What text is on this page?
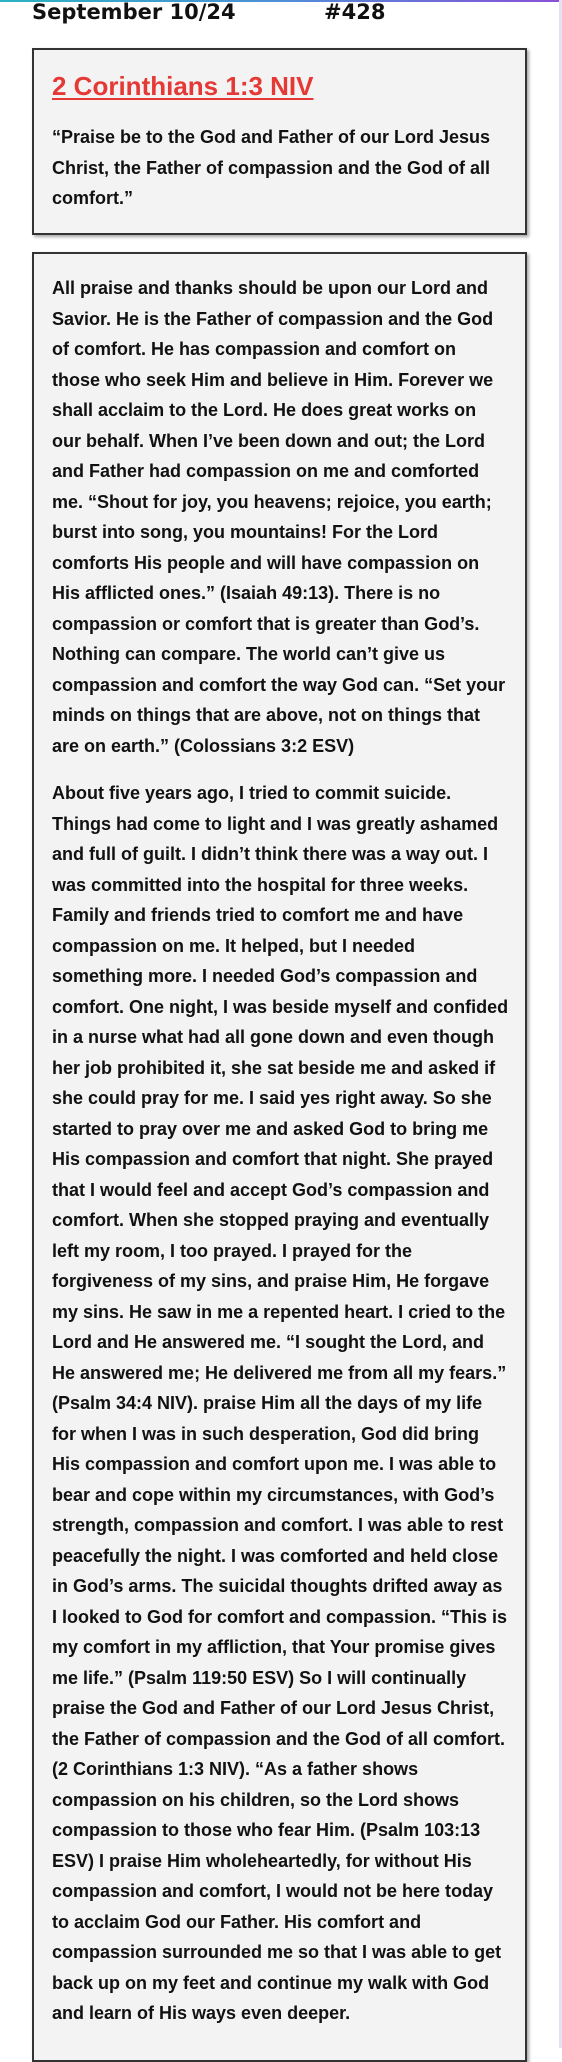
September 10/24	#428
2 Corinthians 1:3 NIV

“Praise be to the God and Father of our Lord Jesus Christ, the Father of compassion and the God of all comfort.”

All praise and thanks should be upon our Lord and Savior. He is the Father of compassion and the God of comfort. He has compassion and comfort on those who seek Him and believe in Him. Forever we shall acclaim to the Lord. He does great works on our behalf. When I’ve been down and out; the Lord and Father had compassion on me and comforted me. “Shout for joy, you heavens; rejoice, you earth; burst into song, you mountains! For the Lord comforts His people and will have compassion on His afflicted ones.” (Isaiah 49:13). There is no compassion or comfort that is greater than God’s. Nothing can compare. The world can’t give us compassion and comfort the way God can. “Set your minds on things that are above, not on things that are on earth.” (Colossians 3:2 ESV)

About five years ago, I tried to commit suicide. Things had come to light and I was greatly ashamed and full of guilt. I didn’t think there was a way out. I was committed into the hospital for three weeks. Family and friends tried to comfort me and have compassion on me. It helped, but I needed something more. I needed God’s compassion and comfort. One night, I was beside myself and confided in a nurse what had all gone down and even though her job prohibited it, she sat beside me and asked if she could pray for me. I said yes right away. So she started to pray over me and asked God to bring me His compassion and comfort that night. She prayed that I would feel and accept God’s compassion and comfort. When she stopped praying and eventually left my room, I too prayed. I prayed for the forgiveness of my sins, and praise Him, He forgave my sins. He saw in me a repented heart. I cried to the Lord and He answered me. “I sought the Lord, and He answered me; He delivered me from all my fears.” (Psalm 34:4 NIV). praise Him all the days of my life for when I was in such desperation, God did bring His compassion and comfort upon me. I was able to bear and cope within my circumstances, with God’s strength, compassion and comfort. I was able to rest peacefully the night. I was comforted and held close in God’s arms. The suicidal thoughts drifted away as I looked to God for comfort and compassion. “This is my comfort in my affliction, that Your promise gives me life.” (Psalm 119:50 ESV) So I will continually praise the God and Father of our Lord Jesus Christ, the Father of compassion and the God of all comfort. (2 Corinthians 1:3 NIV). “As a father shows compassion on his children, so the Lord shows compassion to those who fear Him. (Psalm 103:13 ESV) I praise Him wholeheartedly, for without His compassion and comfort, I would not be here today to acclaim God our Father. His comfort and compassion surrounded me so that I was able to get back up on my feet and continue my walk with God and learn of His ways even deeper.
